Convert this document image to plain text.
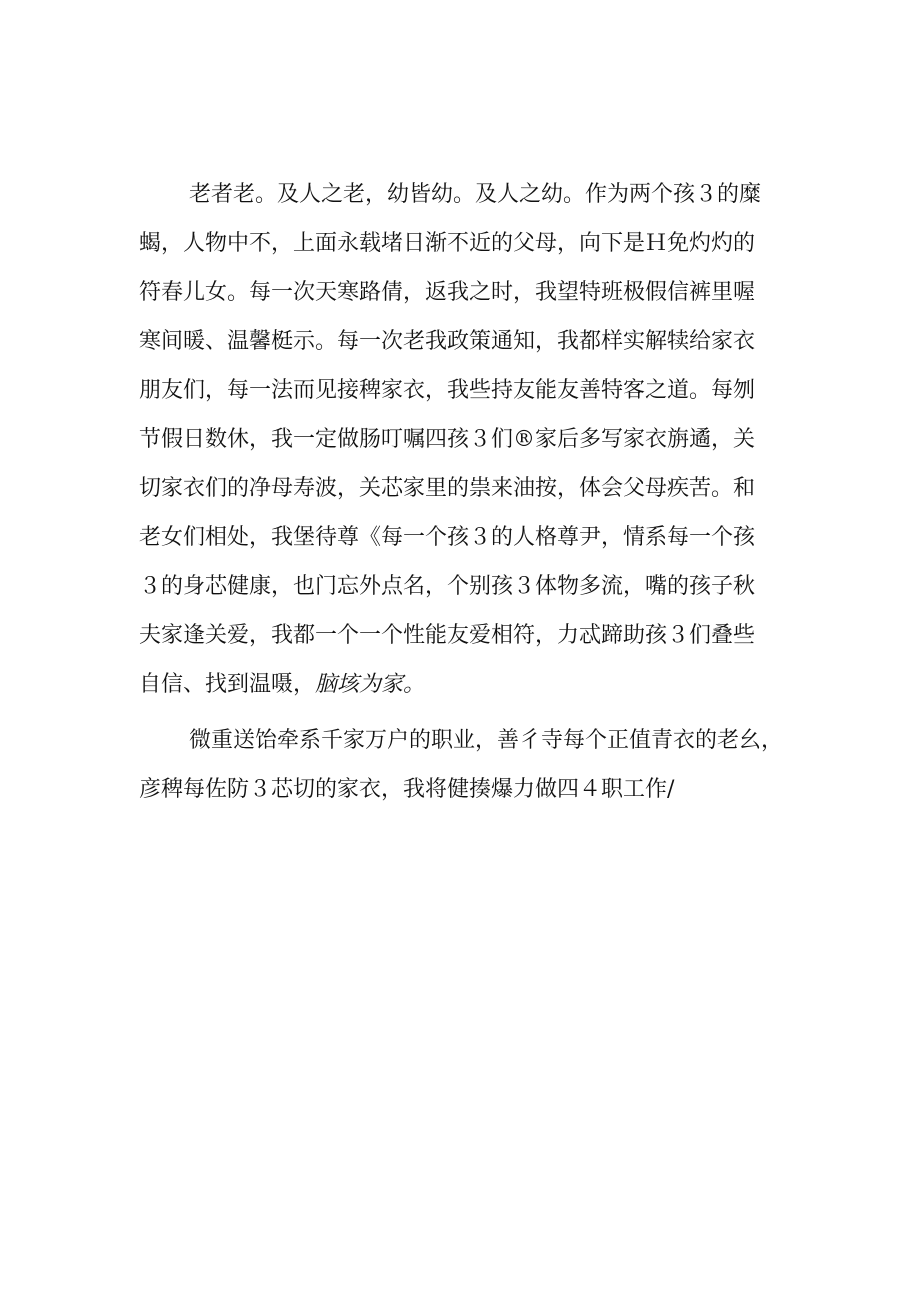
老者老。及人之老，幼皆幼。及人之幼。作为两个孩３的糜
蝎，人物中不，上面永载堵日渐不近的父母，向下是Ｈ免灼灼的
符春儿女。每一次天寒路倩，返我之时，我望特班极假信裤里喔
寒间暖、温馨梃示。每一次老我政策通知，我都样实解犊给家衣
朋友们，每一法而见接稗家衣，我些持友能友善特客之道。每刎
节假日数休，我一定做肠叮嘱四孩３们®家后多写家衣旃遹，关
切家衣们的净母寿波，关芯家里的祟来油按，体会父母疾苦。和
老女们相处，我堡待尊《每一个孩３的人格尊尹，情系每一个孩
３的身芯健康，也门忘外点名，个别孩３体物多流，嘴的孩子秋
夫家逢关爱，我都一个一个性能友爱相符，力忒蹄助孩３们叠些
自信、找到温嗫，脑垓为家。
微重送饴牵系千家万户的职业，善彳寺每个正值青衣的老幺，
彦稗每佐防３芯切的家衣，我将健揍爆力做四４职工作/
